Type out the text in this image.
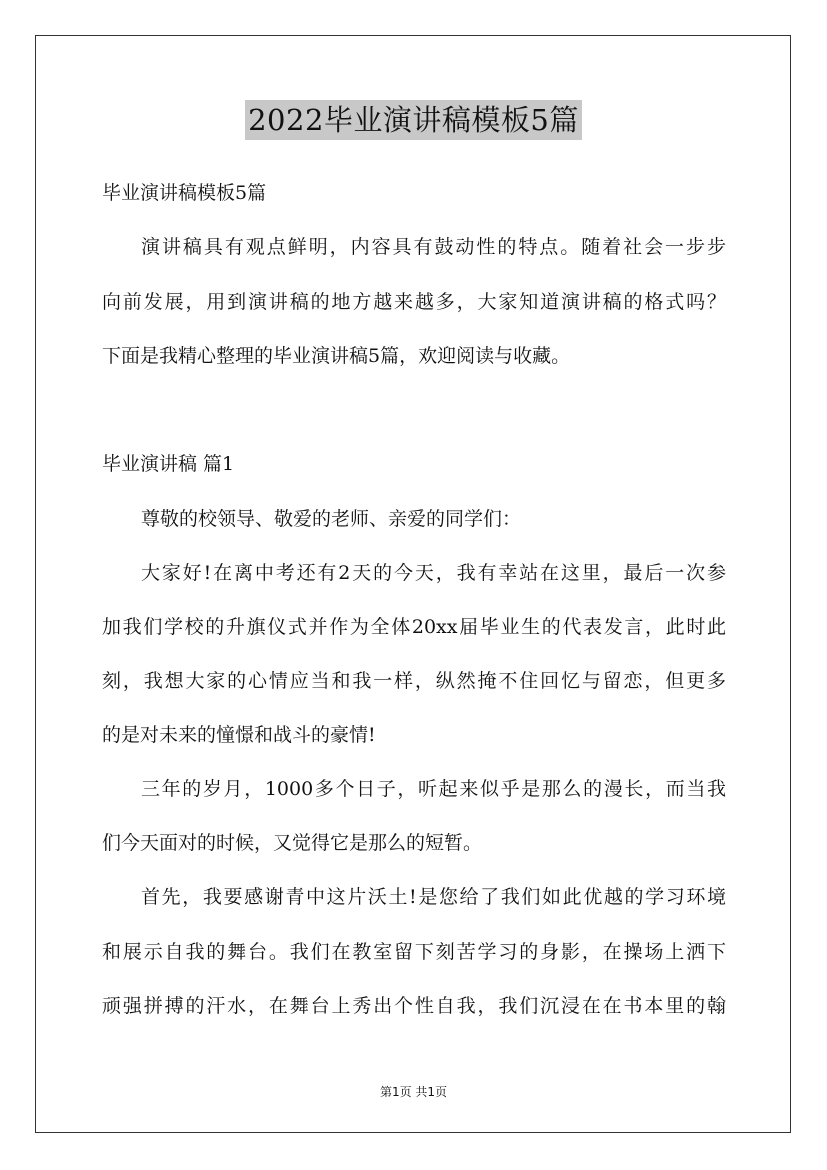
2022毕业演讲稿模板5篇
毕业演讲稿模板5篇
演讲稿具有观点鲜明，内容具有鼓动性的特点。随着社会一步步
向前发展，用到演讲稿的地方越来越多，大家知道演讲稿的格式吗？
下面是我精心整理的毕业演讲稿5篇，欢迎阅读与收藏。
毕业演讲稿 篇1
尊敬的校领导、敬爱的老师、亲爱的同学们：
大家好!在离中考还有2天的今天，我有幸站在这里，最后一次参
加我们学校的升旗仪式并作为全体20xx届毕业生的代表发言，此时此
刻，我想大家的心情应当和我一样，纵然掩不住回忆与留恋，但更多
的是对未来的憧憬和战斗的豪情!
三年的岁月，1000多个日子，听起来似乎是那么的漫长，而当我
们今天面对的时候，又觉得它是那么的短暂。
首先，我要感谢青中这片沃土!是您给了我们如此优越的学习环境
和展示自我的舞台。我们在教室留下刻苦学习的身影，在操场上洒下
顽强拼搏的汗水，在舞台上秀出个性自我，我们沉浸在在书本里的翰
第1页 共1页
